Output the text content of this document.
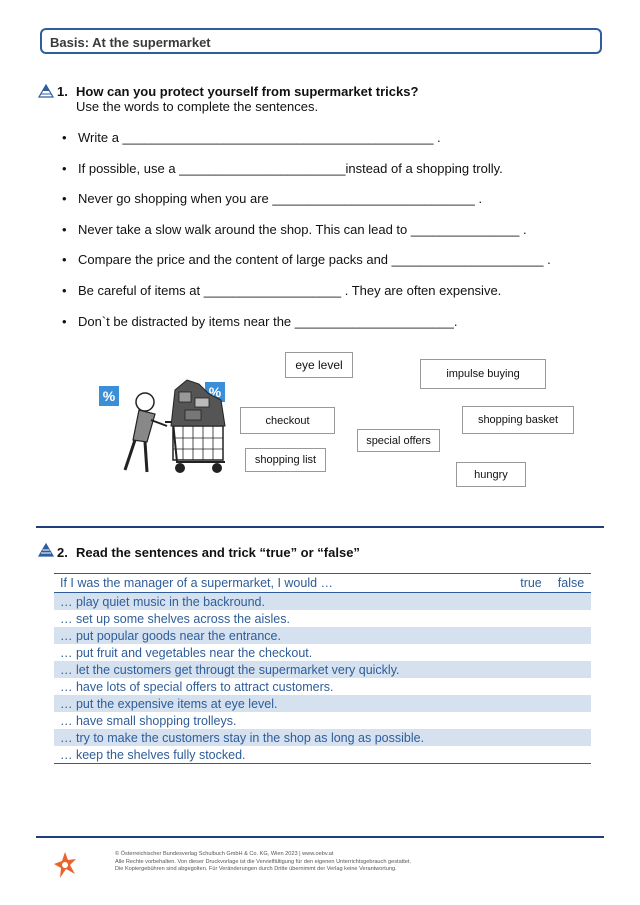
Basis: At the supermarket
1. How can you protect yourself from supermarket tricks?
Use the words to complete the sentences.
• Write a ___________________________________________ .
• If possible, use a _______________________instead of a shopping trolly.
• Never go shopping when you are ____________________________ .
• Never take a slow walk around the shop. This can lead to _______________ .
• Compare the price and the content of large packs and _____________________ .
• Be careful of items at ___________________ . They are often expensive.
• Don`t be distracted by items near the ______________________.
%	%
eye level
impulse buying
checkout	shopping basket
special offers
shopping list
hungry
2. Read the sentences and trick “true” or “false”
If I was the manager of a supermarket, I would …	true	false
… play quiet music in the backround.		
… set up some shelves across the aisles.		
… put popular goods near the entrance.		
… put fruit and vegetables near the checkout.		
… let the customers get througt the supermarket very quickly.		
… have lots of special offers to attract customers.		
… put the expensive items at eye level.		
… have small shopping trolleys.		
… try to make the customers stay in the shop as long as possible.		
… keep the shelves fully stocked.		
© Österreichischer Bundesverlag Schulbuch GmbH & Co. KG, Wien 2023 | www.oebv.at
Alle Rechte vorbehalten. Von dieser Druckvorlage ist die Vervielfältigung für den eigenen Unterrichtsgebrauch gestattet.
Die Kopiergebühren sind abgegolten. Für Veränderungen durch Dritte übernimmt der Verlag keine Verantwortung.
